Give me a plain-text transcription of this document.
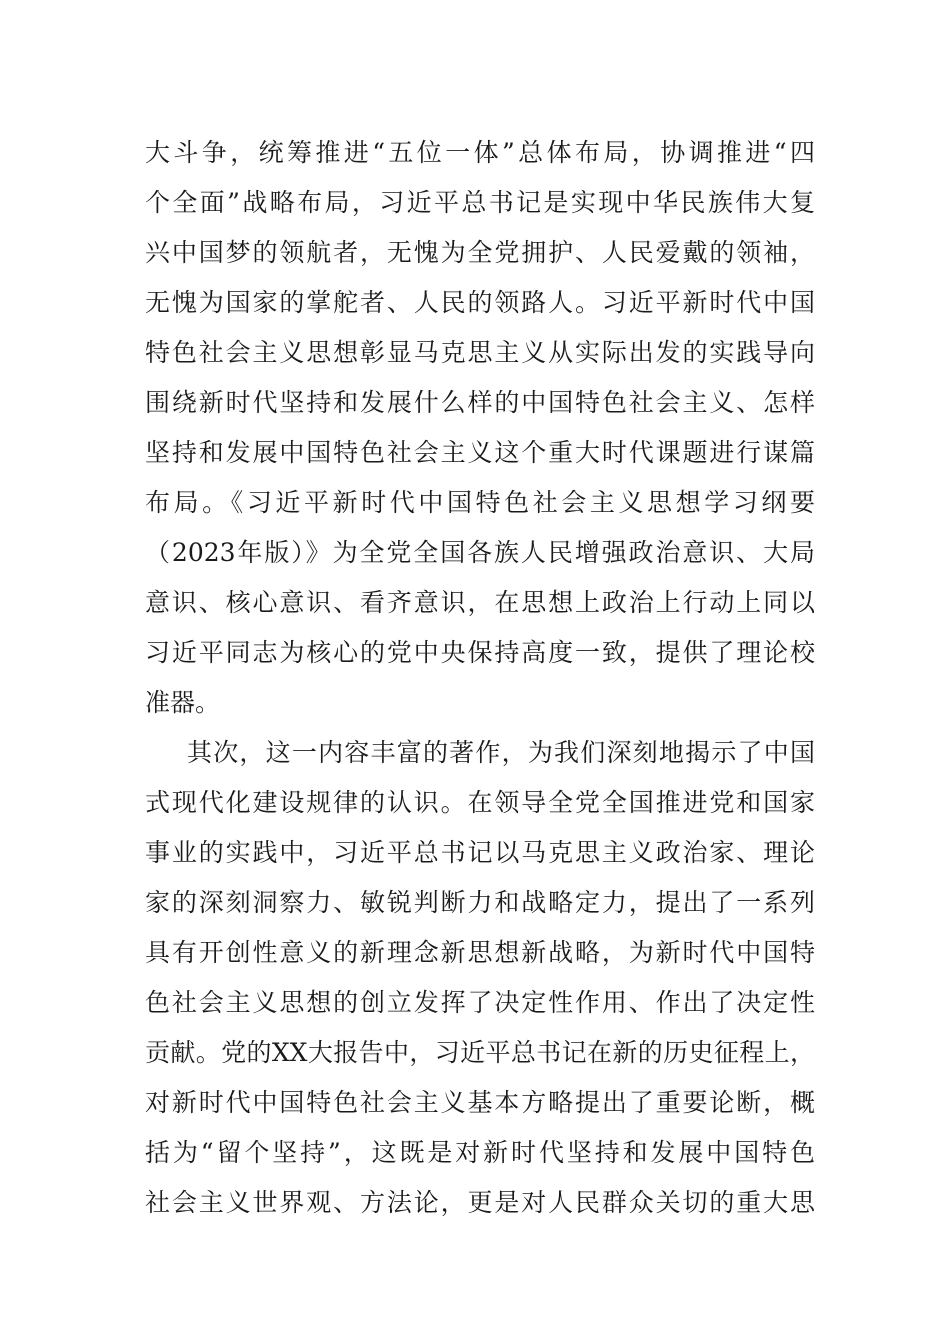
大斗争，统筹推进“五位一体”总体布局，协调推进“四
个全面”战略布局，习近平总书记是实现中华民族伟大复
兴中国梦的领航者，无愧为全党拥护、人民爱戴的领袖，
无愧为国家的掌舵者、人民的领路人。习近平新时代中国
特色社会主义思想彰显马克思主义从实际出发的实践导向
围绕新时代坚持和发展什么样的中国特色社会主义、怎样
坚持和发展中国特色社会主义这个重大时代课题进行谋篇
布局。《习近平新时代中国特色社会主义思想学习纲要
（2023年版）》为全党全国各族人民增强政治意识、大局
意识、核心意识、看齐意识，在思想上政治上行动上同以
习近平同志为核心的党中央保持高度一致，提供了理论校
准器。
其次，这一内容丰富的著作，为我们深刻地揭示了中国
式现代化建设规律的认识。在领导全党全国推进党和国家
事业的实践中，习近平总书记以马克思主义政治家、理论
家的深刻洞察力、敏锐判断力和战略定力，提出了一系列
具有开创性意义的新理念新思想新战略，为新时代中国特
色社会主义思想的创立发挥了决定性作用、作出了决定性
贡献。党的XX大报告中，习近平总书记在新的历史征程上，
对新时代中国特色社会主义基本方略提出了重要论断，概
括为“留个坚持”，这既是对新时代坚持和发展中国特色
社会主义世界观、方法论，更是对人民群众关切的重大思
